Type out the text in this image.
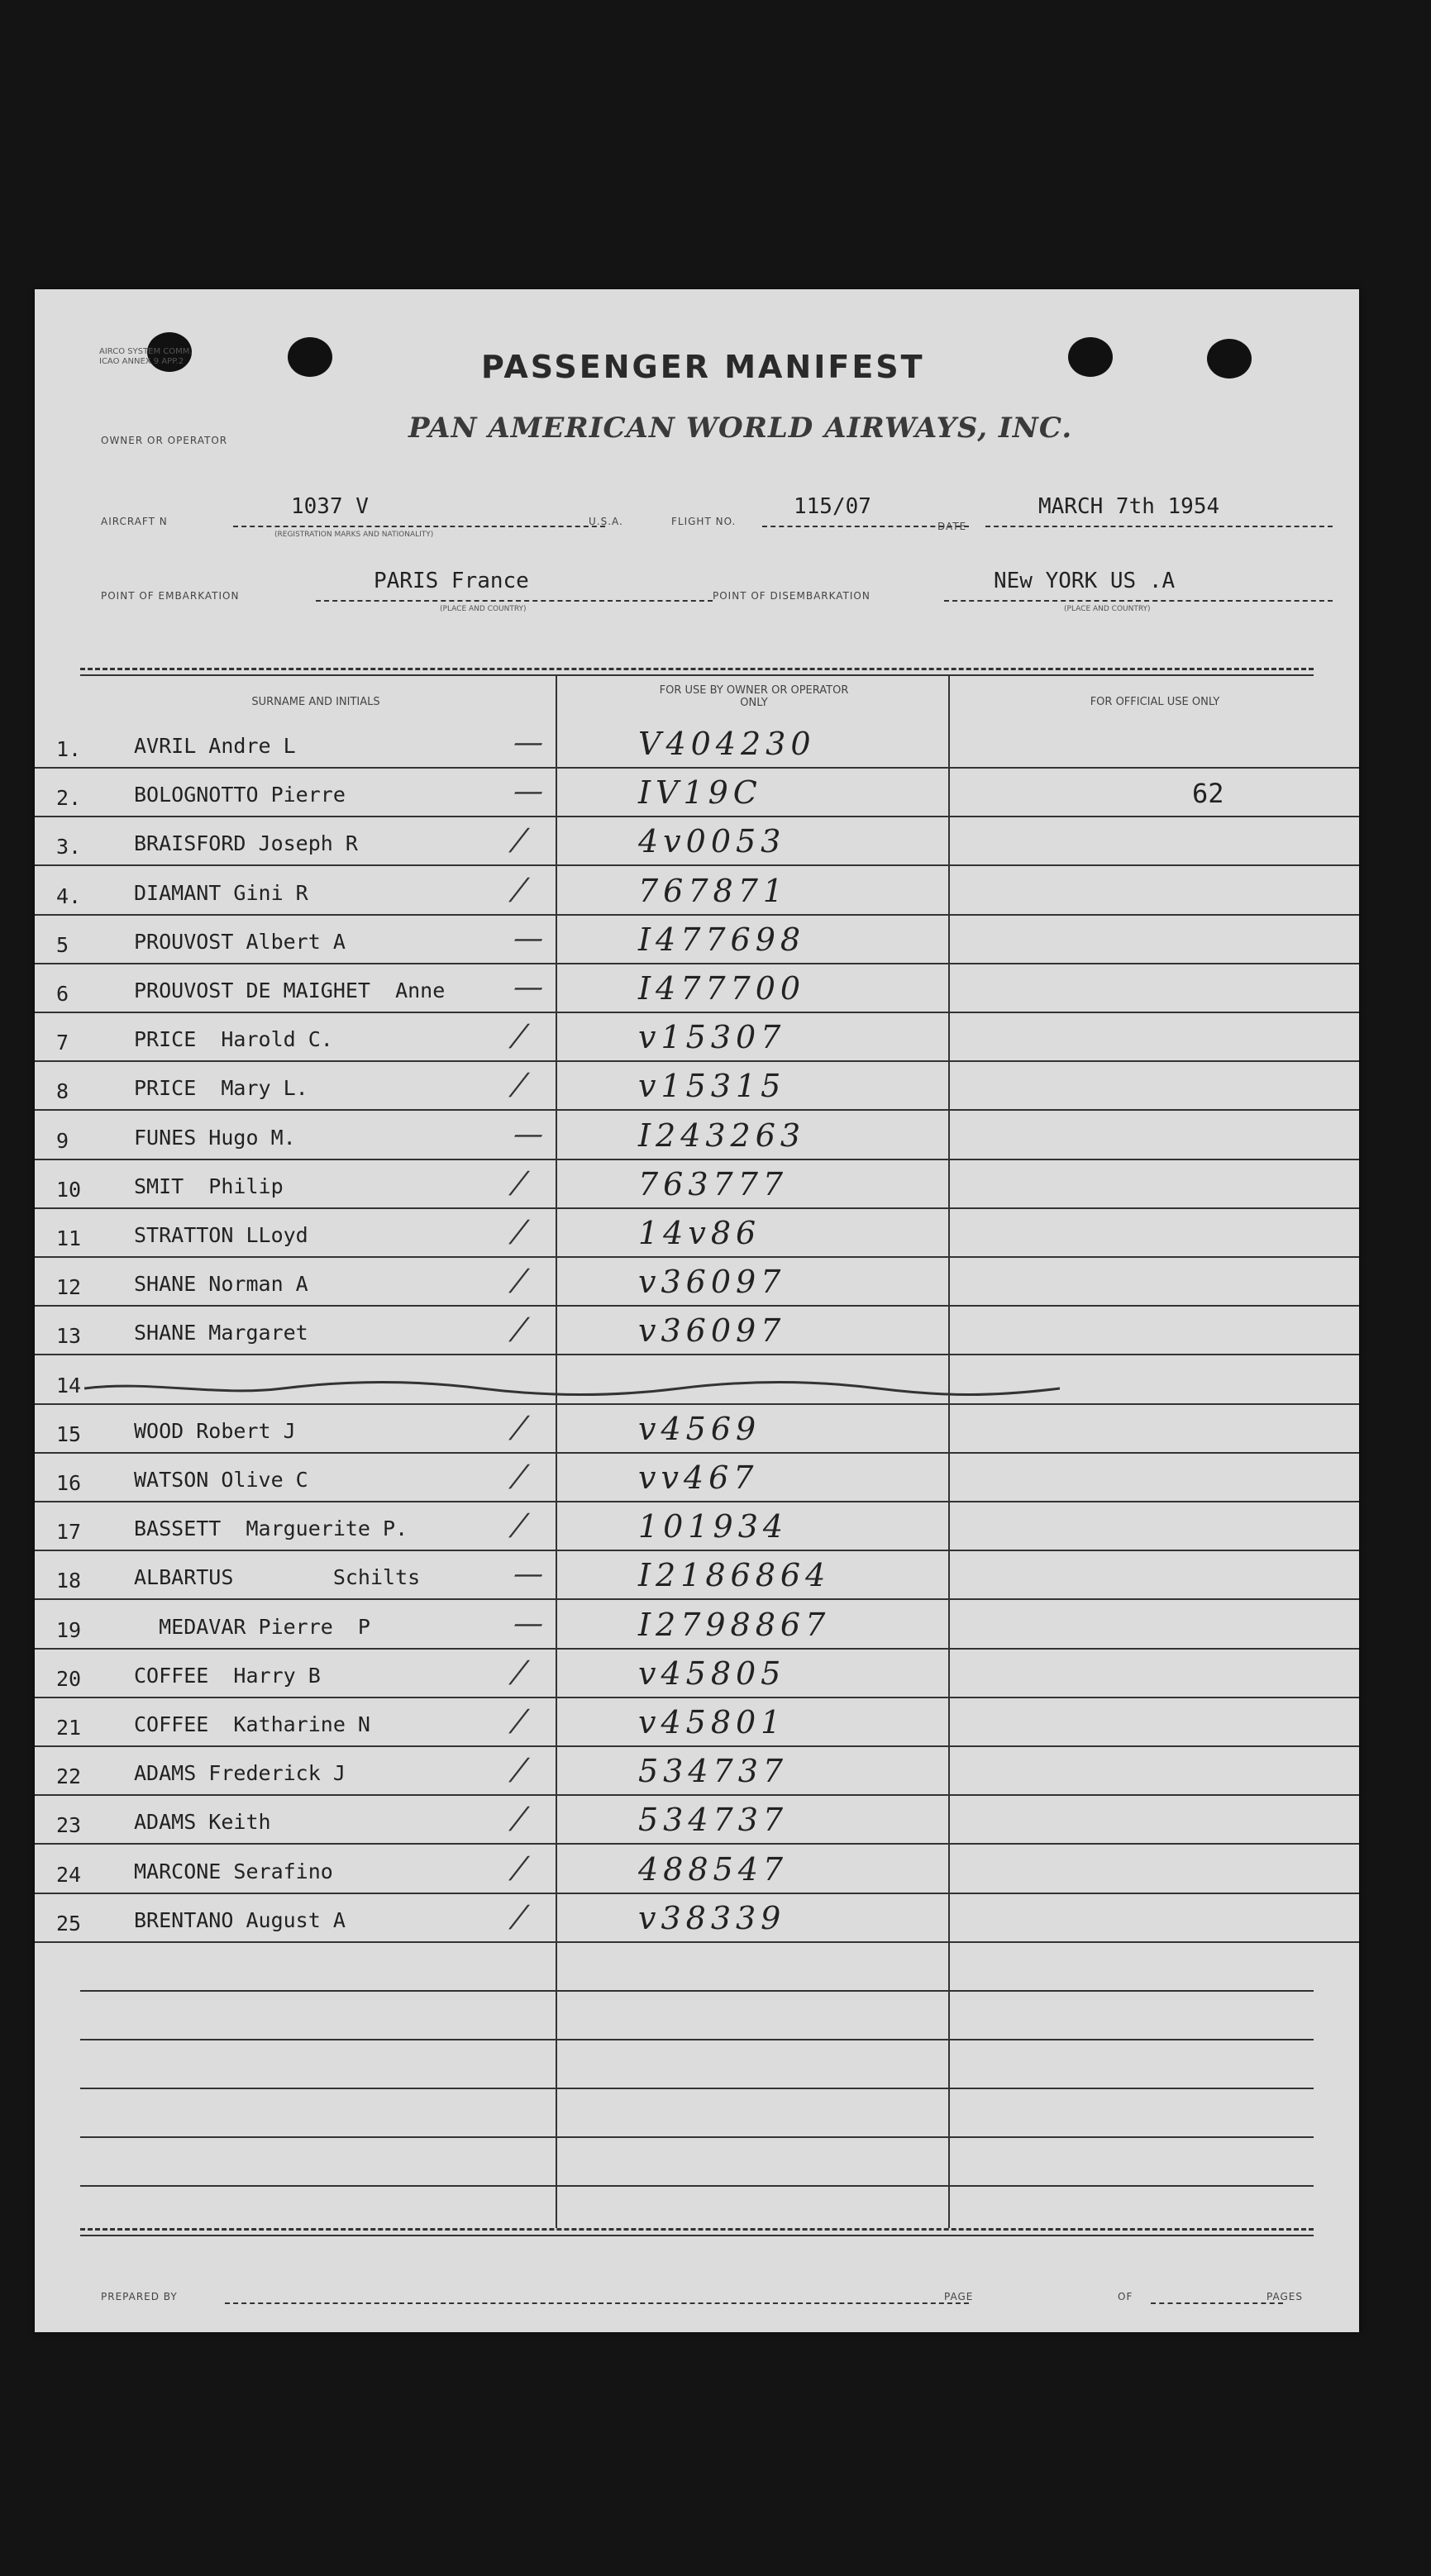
AIRCO SYSTEM COMM. ICAO ANNEX 9 APP.2	PASSENGER MANIFEST
PAN AMERICAN WORLD AIRWAYS, INC.
OWNER OR OPERATOR
AIRCRAFT N
1037 V
(REGISTRATION MARKS AND NATIONALITY)
U.S.A.	FLIGHT NO.
115/07
DATE
MARCH 7th 1954
POINT OF EMBARKATION
PARIS France
(PLACE AND COUNTRY)
POINT OF DISEMBARKATION
NEw YORK US .A
(PLACE AND COUNTRY)
SURNAME AND INITIALS
FOR USE BY OWNER OR OPERATOR ONLY	FOR OFFICIAL USE ONLY
1.	AVRIL Andre L	—	V404230
2.	BOLOGNOTTO Pierre	—	IV19C	62
3.	BRAISFORD Joseph R	/	4v0053
4.	DIAMANT Gini R	/	767871
5	PROUVOST Albert A	—	I477698
6	PROUVOST DE MAIGHET  Anne —	I477700
7	PRICE  Harold C.	/	v15307
8	PRICE  Mary L.	/	v15315
9	FUNES Hugo M.	—	I243263
10	SMIT  Philip	/	763777
11	STRATTON LLoyd	/	14v86
12	SHANE Norman A	/	v36097
13	SHANE Margaret	/	v36097
14
15	WOOD Robert J	/	v4569
16	WATSON Olive C	/	vv467
17	BASSETT  Marguerite P.	/	101934
18	ALBARTUS        Schilts	—	I2186864
19	MEDAVAR Pierre  P	—	I2798867
20	COFFEE  Harry B	/	v45805
21	COFFEE  Katharine N	/	v45801
22	ADAMS Frederick J	/	534737
23	ADAMS Keith	/	534737
24	MARCONE Serafino	/	488547
25	BRENTANO August A	/	v38339
PREPARED BY	PAGE	OF	PAGES
